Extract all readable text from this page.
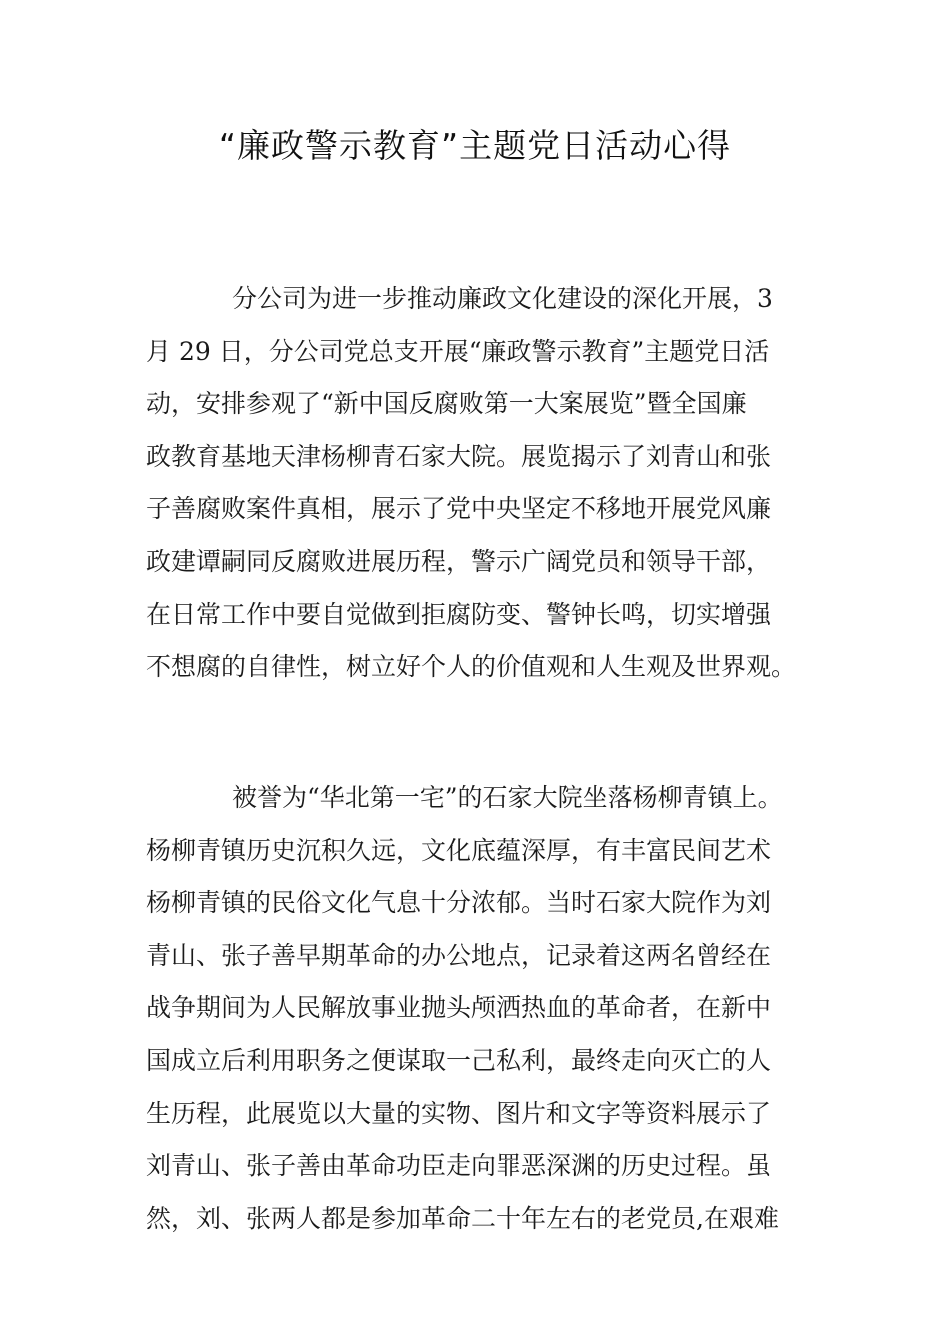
“廉政警示教育”主题党日活动心得
分公司为进一步推动廉政文化建设的深化开展，3
月 29 日，分公司党总支开展“廉政警示教育”主题党日活
动，安排参观了“新中国反腐败第一大案展览”暨全国廉
政教育基地天津杨柳青石家大院。展览揭示了刘青山和张
子善腐败案件真相，展示了党中央坚定不移地开展党风廉
政建谭嗣同反腐败进展历程，警示广阔党员和领导干部，
在日常工作中要自觉做到拒腐防变、警钟长鸣，切实增强
不想腐的自律性，树立好个人的价值观和人生观及世界观。
被誉为“华北第一宅”的石家大院坐落杨柳青镇上。
杨柳青镇历史沉积久远，文化底蕴深厚，有丰富民间艺术
杨柳青镇的民俗文化气息十分浓郁。当时石家大院作为刘
青山、张子善早期革命的办公地点，记录着这两名曾经在
战争期间为人民解放事业抛头颅洒热血的革命者，在新中
国成立后利用职务之便谋取一己私利，最终走向灭亡的人
生历程，此展览以大量的实物、图片和文字等资料展示了
刘青山、张子善由革命功臣走向罪恶深渊的历史过程。虽
然，刘、张两人都是参加革命二十年左右的老党员,在艰难
